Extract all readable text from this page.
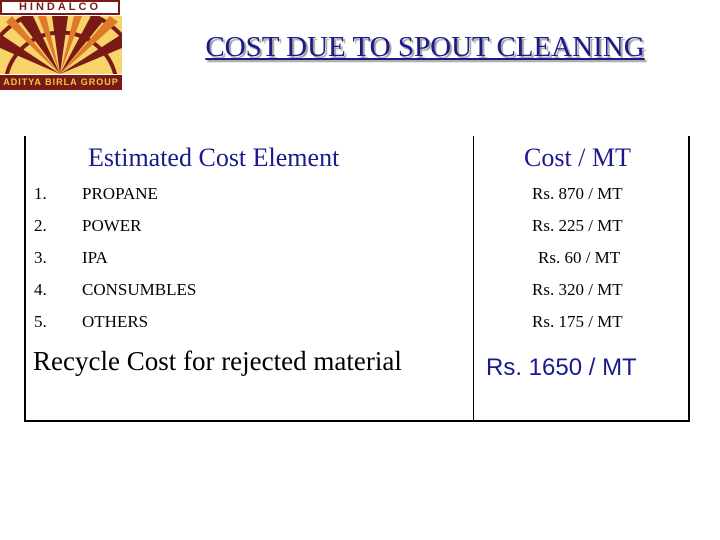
HINDALCO
ADITYA BIRLA GROUP
COST DUE TO SPOUT CLEANING
Estimated Cost Element	Cost / MT
1. PROPANE	Rs. 870 / MT
2. POWER	Rs. 225 / MT
3. IPA	Rs. 60 / MT
4. CONSUMBLES	Rs. 320 / MT
5. OTHERS	Rs. 175 / MT
Recycle Cost for rejected material	Rs. 1650 / MT
